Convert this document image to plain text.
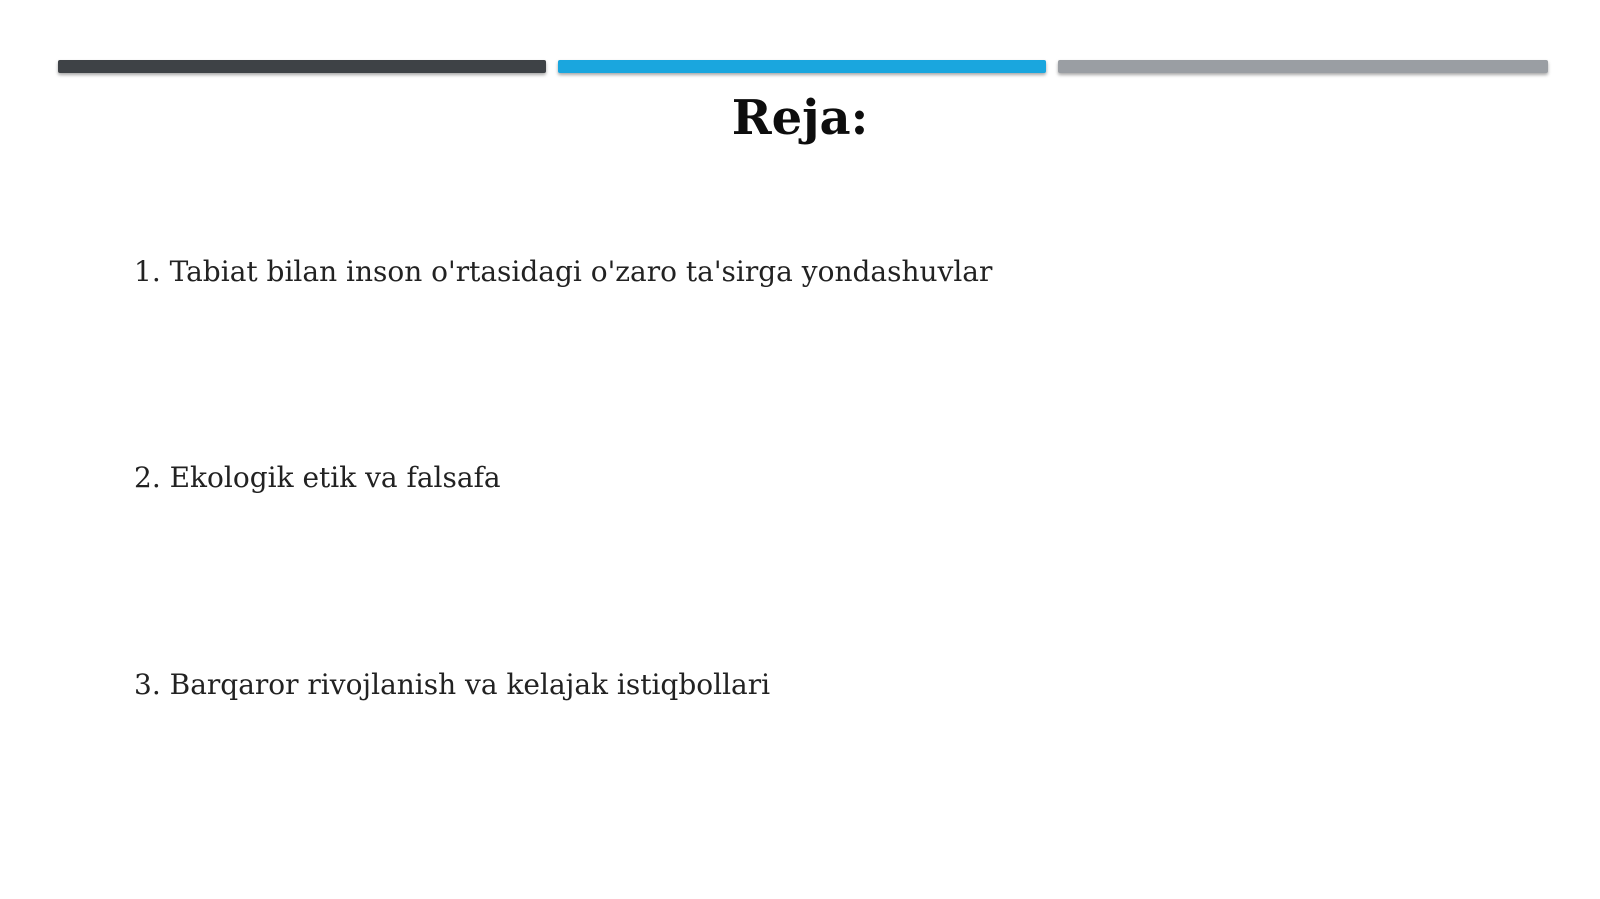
Reja:
1. Tabiat bilan inson o'rtasidagi o'zaro ta'sirga yondashuvlar
2. Ekologik etik va falsafa
3. Barqaror rivojlanish va kelajak istiqbollari
